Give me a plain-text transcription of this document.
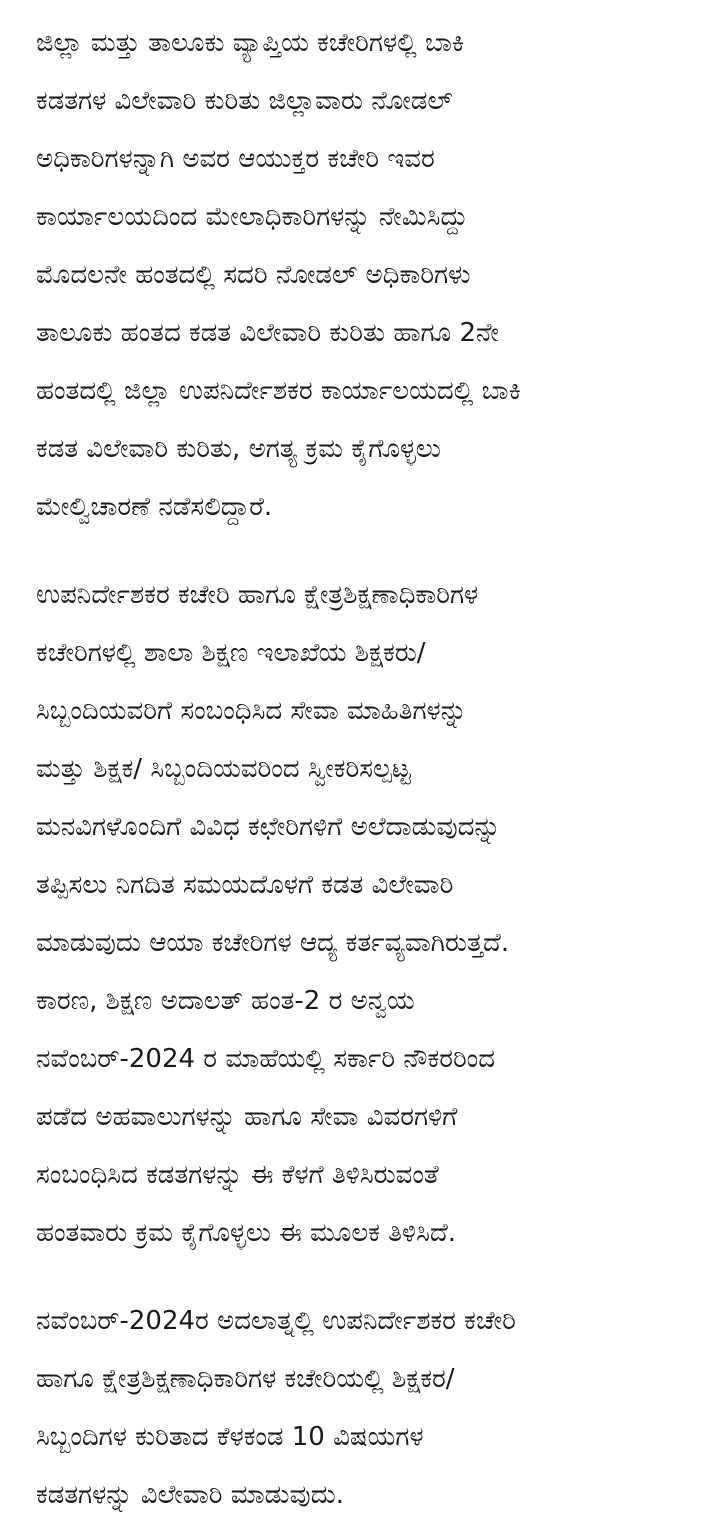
ಜಿಲ್ಲಾ ಮತ್ತು ತಾಲೂಕು ವ್ಯಾಪ್ತಿಯ ಕಚೇರಿಗಳಲ್ಲಿ ಬಾಕಿ
ಕಡತಗಳ ವಿಲೇವಾರಿ ಕುರಿತು ಜಿಲ್ಲಾವಾರು ನೋಡಲ್
ಅಧಿಕಾರಿಗಳನ್ನಾಗಿ ಅವರ ಆಯುಕ್ತರ ಕಚೇರಿ ಇವರ
ಕಾರ್ಯಾಲಯದಿಂದ ಮೇಲಾಧಿಕಾರಿಗಳನ್ನು ನೇಮಿಸಿದ್ದು
ಮೊದಲನೇ ಹಂತದಲ್ಲಿ ಸದರಿ ನೋಡಲ್ ಅಧಿಕಾರಿಗಳು
ತಾಲೂಕು ಹಂತದ ಕಡತ ವಿಲೇವಾರಿ ಕುರಿತು ಹಾಗೂ 2ನೇ
ಹಂತದಲ್ಲಿ ಜಿಲ್ಲಾ ಉಪನಿರ್ದೇಶಕರ ಕಾರ್ಯಾಲಯದಲ್ಲಿ ಬಾಕಿ
ಕಡತ ವಿಲೇವಾರಿ ಕುರಿತು, ಅಗತ್ಯ ಕ್ರಮ ಕೈಗೊಳ್ಳಲು
ಮೇಲ್ವಿಚಾರಣೆ ನಡೆಸಲಿದ್ದಾರೆ.
ಉಪನಿರ್ದೇಶಕರ ಕಚೇರಿ ಹಾಗೂ ಕ್ಷೇತ್ರಶಿಕ್ಷಣಾಧಿಕಾರಿಗಳ
ಕಚೇರಿಗಳಲ್ಲಿ ಶಾಲಾ ಶಿಕ್ಷಣ ಇಲಾಖೆಯ ಶಿಕ್ಷಕರು/
ಸಿಬ್ಬಂದಿಯವರಿಗೆ ಸಂಬಂಧಿಸಿದ ಸೇವಾ ಮಾಹಿತಿಗಳನ್ನು
ಮತ್ತು ಶಿಕ್ಷಕ/ ಸಿಬ್ಬಂದಿಯವರಿಂದ ಸ್ವೀಕರಿಸಲ್ಪಟ್ಟ
ಮನವಿಗಳೊಂದಿಗೆ ವಿವಿಧ ಕಛೇರಿಗಳಿಗೆ ಅಲೆದಾಡುವುದನ್ನು
ತಪ್ಪಿಸಲು ನಿಗದಿತ ಸಮಯದೊಳಗೆ ಕಡತ ವಿಲೇವಾರಿ
ಮಾಡುವುದು ಆಯಾ ಕಚೇರಿಗಳ ಆದ್ಯ ಕರ್ತವ್ಯವಾಗಿರುತ್ತದೆ.
ಕಾರಣ, ಶಿಕ್ಷಣ ಅದಾಲತ್ ಹಂತ-2 ರ ಅನ್ವಯ
ನವೆಂಬರ್-2024 ರ ಮಾಹೆಯಲ್ಲಿ ಸರ್ಕಾರಿ ನೌಕರರಿಂದ
ಪಡೆದ ಅಹವಾಲುಗಳನ್ನು ಹಾಗೂ ಸೇವಾ ವಿವರಗಳಿಗೆ
ಸಂಬಂಧಿಸಿದ ಕಡತಗಳನ್ನು ಈ ಕೆಳಗೆ ತಿಳಿಸಿರುವಂತೆ
ಹಂತವಾರು ಕ್ರಮ ಕೈಗೊಳ್ಳಲು ಈ ಮೂಲಕ ತಿಳಿಸಿದೆ.
ನವೆಂಬರ್-2024ರ ಅದಲಾತ್ನಲ್ಲಿ ಉಪನಿರ್ದೇಶಕರ ಕಚೇರಿ
ಹಾಗೂ ಕ್ಷೇತ್ರಶಿಕ್ಷಣಾಧಿಕಾರಿಗಳ ಕಚೇರಿಯಲ್ಲಿ ಶಿಕ್ಷಕರ/
ಸಿಬ್ಬಂದಿಗಳ ಕುರಿತಾದ ಕೆಳಕಂಡ 10 ವಿಷಯಗಳ
ಕಡತಗಳನ್ನು ವಿಲೇವಾರಿ ಮಾಡುವುದು.
